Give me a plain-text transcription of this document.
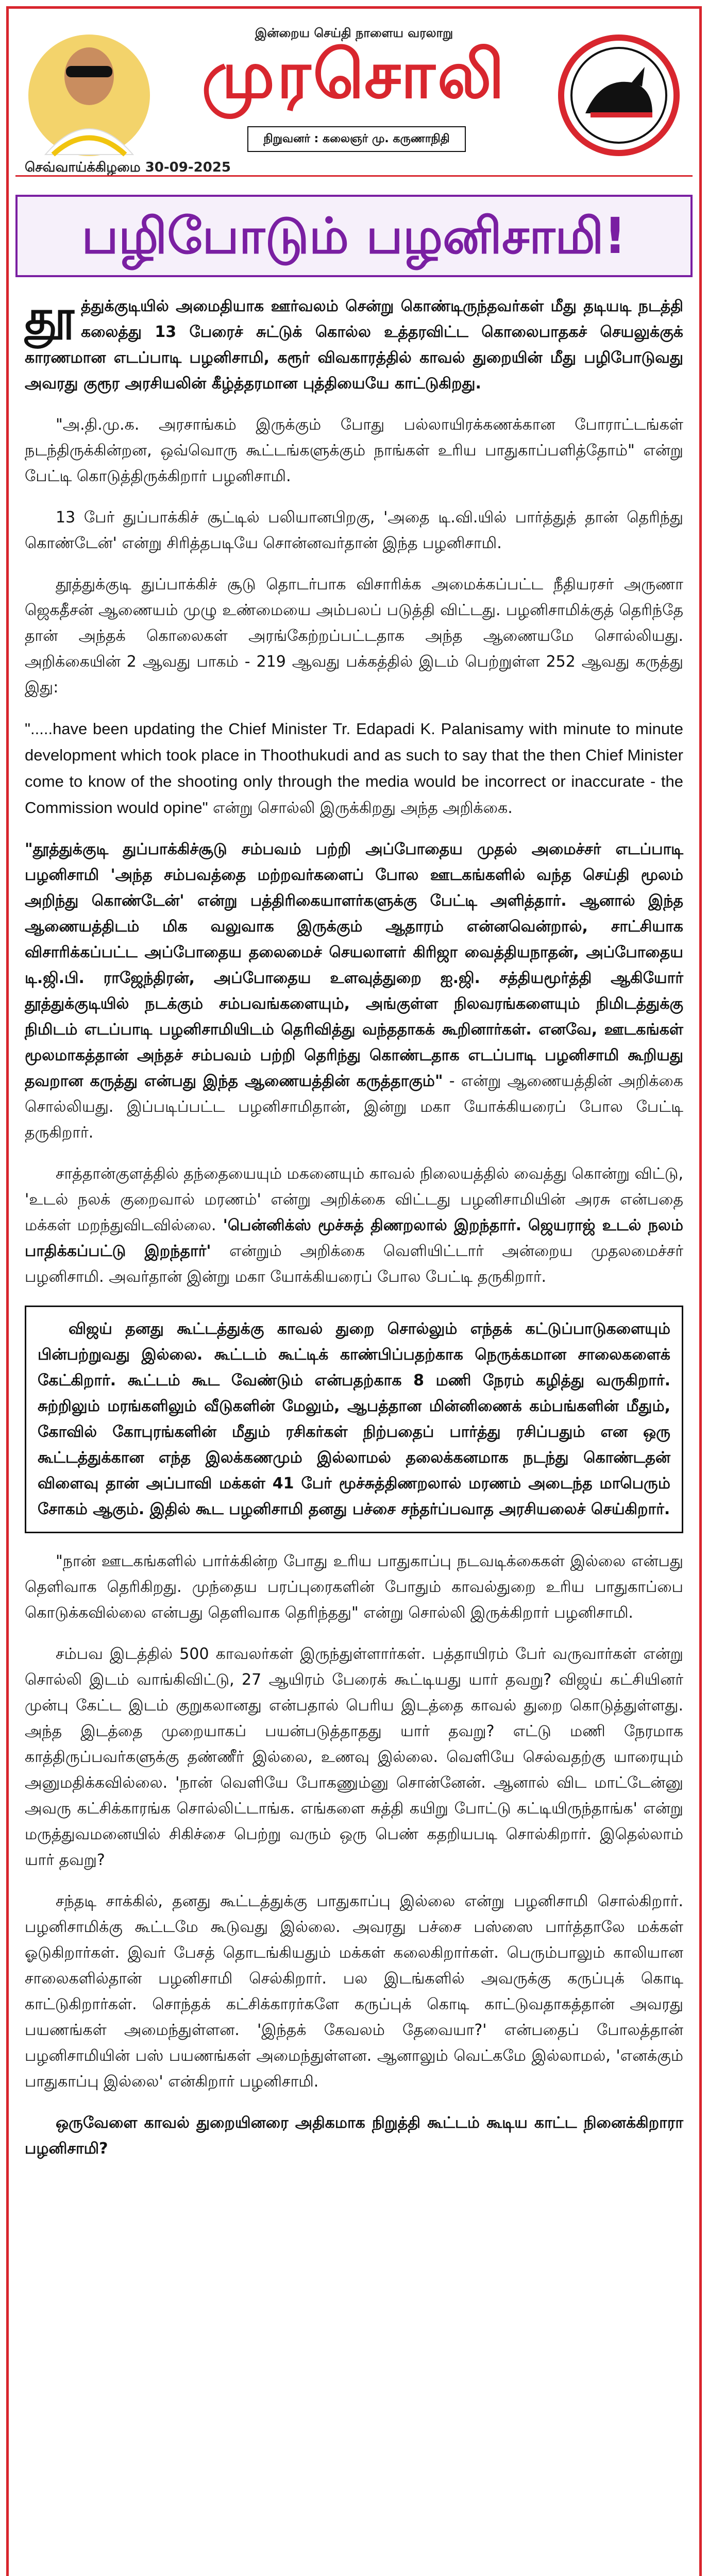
இன்றைய செய்தி நாளைய வரலாறு
முரசொலி
நிறுவனர் : கலைஞர் மு. கருணாநிதி
செவ்வாய்க்கிழமை 30-09-2025
பழிபோடும் பழனிசாமி!

தூ த்துக்குடியில் அமைதியாக ஊர்வலம் சென்று கொண்டிருந்தவர்கள் மீது தடியடி நடத்தி கலைத்து 13 பேரைச் சுட்டுக் கொல்ல உத்தரவிட்ட கொலைபாதகச் செயலுக்குக் காரணமான எடப்பாடி பழனிசாமி, கரூர் விவகாரத்தில் காவல் துறையின் மீது பழிபோடுவது அவரது குரூர அரசியலின் கீழ்த்தரமான புத்தியையே காட்டுகிறது.

"அ.தி.மு.க. அரசாங்கம் இருக்கும் போது பல்லாயிரக்கணக்கான போராட்டங்கள் நடந்திருக்கின்றன, ஒவ்வொரு கூட்டங்களுக்கும் நாங்கள் உரிய பாதுகாப்பளித்தோம்" என்று பேட்டி கொடுத்திருக்கிறார் பழனிசாமி.

13 பேர் துப்பாக்கிச் சூட்டில் பலியானபிறகு, 'அதை டி.வி.யில் பார்த்துத் தான் தெரிந்து கொண்டேன்' என்று சிரித்தபடியே சொன்னவர்தான் இந்த பழனிசாமி.

தூத்துக்குடி துப்பாக்கிச் சூடு தொடர்பாக விசாரிக்க அமைக்கப்பட்ட நீதியரசர் அருணா ஜெகதீசன் ஆணையம் முழு உண்மையை அம்பலப் படுத்தி விட்டது. பழனிசாமிக்குத் தெரிந்தே தான் அந்தக் கொலைகள் அரங்கேற்றப்பட்டதாக அந்த ஆணையமே சொல்லியது. அறிக்கையின் 2 ஆவது பாகம் - 219 ஆவது பக்கத்தில் இடம் பெற்றுள்ள 252 ஆவது கருத்து இது:

".....have been updating the Chief Minister Tr. Edapadi K. Palanisamy with minute to minute development which took place in Thoothukudi and as such to say that the then Chief Minister come to know of the shooting only through the media would be incorrect or inaccurate - the Commission would opine" என்று சொல்லி இருக்கிறது அந்த அறிக்கை.

"தூத்துக்குடி துப்பாக்கிச்சூடு சம்பவம் பற்றி அப்போதைய முதல் அமைச்சர் எடப்பாடி பழனிசாமி 'அந்த சம்பவத்தை மற்றவர்களைப் போல ஊடகங்களில் வந்த செய்தி மூலம் அறிந்து கொண்டேன்' என்று பத்திரிகையாளர்களுக்கு பேட்டி அளித்தார். ஆனால் இந்த ஆணையத்திடம் மிக வலுவாக இருக்கும் ஆதாரம் என்னவென்றால், சாட்சியாக விசாரிக்கப்பட்ட அப்போதைய தலைமைச் செயலாளர் கிரிஜா வைத்தியநாதன், அப்போதைய டி.ஜி.பி. ராஜேந்திரன், அப்போதைய உளவுத்துறை ஐ.ஜி. சத்தியமூர்த்தி ஆகியோர் தூத்துக்குடியில் நடக்கும் சம்பவங்களையும், அங்குள்ள நிலவரங்களையும் நிமிடத்துக்கு நிமிடம் எடப்பாடி பழனிசாமியிடம் தெரிவித்து வந்ததாகக் கூறினார்கள். எனவே, ஊடகங்கள் மூலமாகத்தான் அந்தச் சம்பவம் பற்றி தெரிந்து கொண்டதாக எடப்பாடி பழனிசாமி கூறியது தவறான கருத்து என்பது இந்த ஆணையத்தின் கருத்தாகும்" - என்று ஆணையத்தின் அறிக்கை சொல்லியது. இப்படிப்பட்ட பழனிசாமிதான், இன்று மகா யோக்கியரைப் போல பேட்டி தருகிறார்.

சாத்தான்குளத்தில் தந்தையையும் மகனையும் காவல் நிலையத்தில் வைத்து கொன்று விட்டு, 'உடல் நலக் குறைவால் மரணம்' என்று அறிக்கை விட்டது பழனிசாமியின் அரசு என்பதை மக்கள் மறந்துவிடவில்லை. 'பென்னிக்ஸ் மூச்சுத் திணறலால் இறந்தார். ஜெயராஜ் உடல் நலம் பாதிக்கப்பட்டு இறந்தார்' என்றும் அறிக்கை வெளியிட்டார் அன்றைய முதலமைச்சர் பழனிசாமி. அவர்தான் இன்று மகா யோக்கியரைப் போல பேட்டி தருகிறார்.

விஜய் தனது கூட்டத்துக்கு காவல் துறை சொல்லும் எந்தக் கட்டுப்பாடுகளையும் பின்பற்றுவது இல்லை. கூட்டம் கூட்டிக் காண்பிப்பதற்காக நெருக்கமான சாலைகளைக் கேட்கிறார். கூட்டம் கூட வேண்டும் என்பதற்காக 8 மணி நேரம் கழித்து வருகிறார். சுற்றிலும் மரங்களிலும் வீடுகளின் மேலும், ஆபத்தான மின்னிணைக் கம்பங்களின் மீதும், கோவில் கோபுரங்களின் மீதும் ரசிகர்கள் நிற்பதைப் பார்த்து ரசிப்பதும் என ஒரு கூட்டத்துக்கான எந்த இலக்கணமும் இல்லாமல் தலைக்கனமாக நடந்து கொண்டதன் விளைவு தான் அப்பாவி மக்கள் 41 பேர் மூச்சுத்திணறலால் மரணம் அடைந்த மாபெரும் சோகம் ஆகும். இதில் கூட பழனிசாமி தனது பச்சை சந்தர்ப்பவாத அரசியலைச் செய்கிறார்.

"நான் ஊடகங்களில் பார்க்கின்ற போது உரிய பாதுகாப்பு நடவடிக்கைகள் இல்லை என்பது தெளிவாக தெரிகிறது. முந்தைய பரப்புரைகளின் போதும் காவல்துறை உரிய பாதுகாப்பை கொடுக்கவில்லை என்பது தெளிவாக தெரிந்தது" என்று சொல்லி இருக்கிறார் பழனிசாமி.

சம்பவ இடத்தில் 500 காவலர்கள் இருந்துள்ளார்கள். பத்தாயிரம் பேர் வருவார்கள் என்று சொல்லி இடம் வாங்கிவிட்டு, 27 ஆயிரம் பேரைக் கூட்டியது யார் தவறு? விஜய் கட்சியினர் முன்பு கேட்ட இடம் குறுகலானது என்பதால் பெரிய இடத்தை காவல் துறை கொடுத்துள்ளது. அந்த இடத்தை முறையாகப் பயன்படுத்தாதது யார் தவறு? எட்டு மணி நேரமாக காத்திருப்பவர்களுக்கு தண்ணீர் இல்லை, உணவு இல்லை. வெளியே செல்வதற்கு யாரையும் அனுமதிக்கவில்லை. 'நான் வெளியே போகணும்னு சொன்னேன். ஆனால் விட மாட்டேன்னு அவரு கட்சிக்காரங்க சொல்லிட்டாங்க. எங்களை சுத்தி கயிறு போட்டு கட்டியிருந்தாங்க' என்று மருத்துவமனையில் சிகிச்சை பெற்று வரும் ஒரு பெண் கதறியபடி சொல்கிறார். இதெல்லாம் யார் தவறு?

சந்தடி சாக்கில், தனது கூட்டத்துக்கு பாதுகாப்பு இல்லை என்று பழனிசாமி சொல்கிறார். பழனிசாமிக்கு கூட்டமே கூடுவது இல்லை. அவரது பச்சை பஸ்ஸை பார்த்தாலே மக்கள் ஓடுகிறார்கள். இவர் பேசத் தொடங்கியதும் மக்கள் கலைகிறார்கள். பெரும்பாலும் காலியான சாலைகளில்தான் பழனிசாமி செல்கிறார். பல இடங்களில் அவருக்கு கருப்புக் கொடி காட்டுகிறார்கள். சொந்தக் கட்சிக்காரர்களே கருப்புக் கொடி காட்டுவதாகத்தான் அவரது பயணங்கள் அமைந்துள்ளன. 'இந்தக் கேவலம் தேவையா?' என்பதைப் போலத்தான் பழனிசாமியின் பஸ் பயணங்கள் அமைந்துள்ளன. ஆனாலும் வெட்கமே இல்லாமல், 'எனக்கும் பாதுகாப்பு இல்லை' என்கிறார் பழனிசாமி.

ஒருவேளை காவல் துறையினரை அதிகமாக நிறுத்தி கூட்டம் கூடிய காட்ட நினைக்கிறாரா பழனிசாமி?
